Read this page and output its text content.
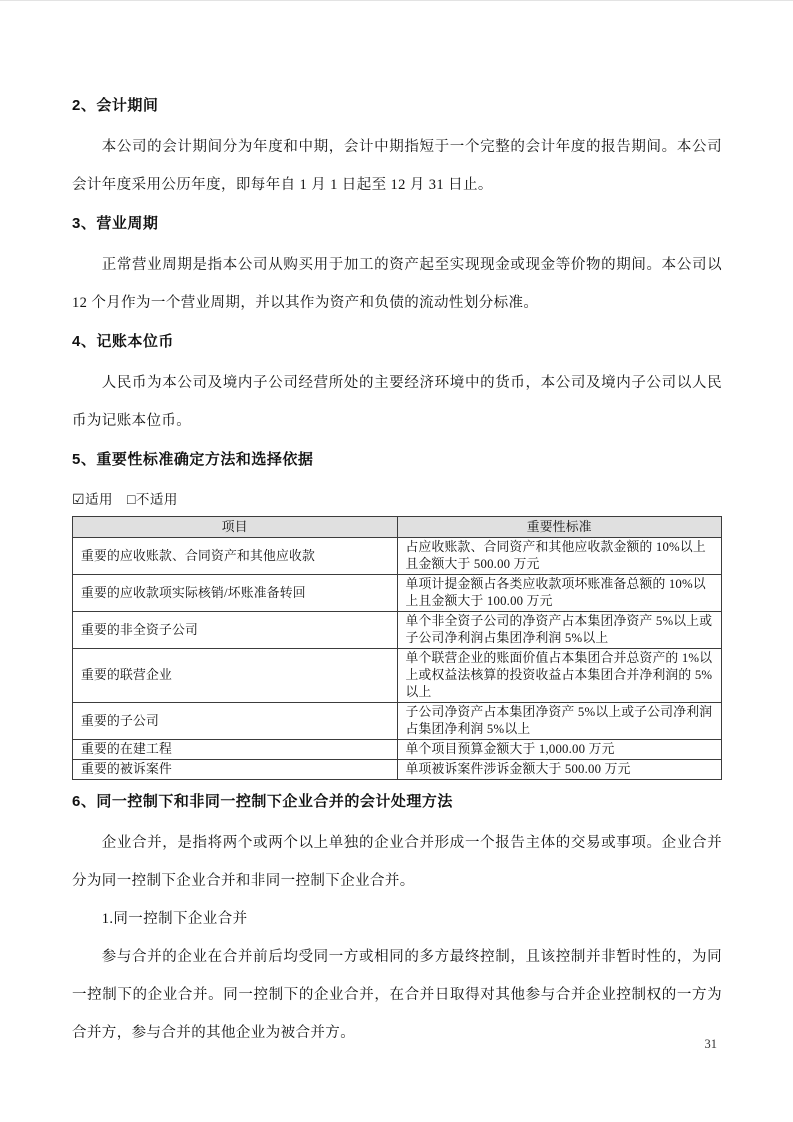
2、会计期间

本公司的会计期间分为年度和中期，会计中期指短于一个完整的会计年度的报告期间。本公司会计年度采用公历年度，即每年自 1 月 1 日起至 12 月 31 日止。

3、营业周期

正常营业周期是指本公司从购买用于加工的资产起至实现现金或现金等价物的期间。本公司以 12 个月作为一个营业周期，并以其作为资产和负债的流动性划分标准。

4、记账本位币

人民币为本公司及境内子公司经营所处的主要经济环境中的货币，本公司及境内子公司以人民币为记账本位币。

5、重要性标准确定方法和选择依据
☑适用 □不适用
项目	重要性标准
重要的应收账款、合同资产和其他应收款	占应收账款、合同资产和其他应收款金额的 10%以上且金额大于 500.00 万元
重要的应收款项实际核销/坏账准备转回	单项计提金额占各类应收款项坏账准备总额的 10%以上且金额大于 100.00 万元
重要的非全资子公司	单个非全资子公司的净资产占本集团净资产 5%以上或子公司净利润占集团净利润 5%以上
重要的联营企业	单个联营企业的账面价值占本集团合并总资产的 1%以上或权益法核算的投资收益占本集团合并净利润的 5%以上
重要的子公司	子公司净资产占本集团净资产 5%以上或子公司净利润占集团净利润 5%以上
重要的在建工程	单个项目预算金额大于 1,000.00 万元
重要的被诉案件	单项被诉案件涉诉金额大于 500.00 万元
6、同一控制下和非同一控制下企业合并的会计处理方法

企业合并，是指将两个或两个以上单独的企业合并形成一个报告主体的交易或事项。企业合并分为同一控制下企业合并和非同一控制下企业合并。

1.同一控制下企业合并

参与合并的企业在合并前后均受同一方或相同的多方最终控制，且该控制并非暂时性的，为同一控制下的企业合并。同一控制下的企业合并，在合并日取得对其他参与合并企业控制权的一方为合并方，参与合并的其他企业为被合并方。

31
